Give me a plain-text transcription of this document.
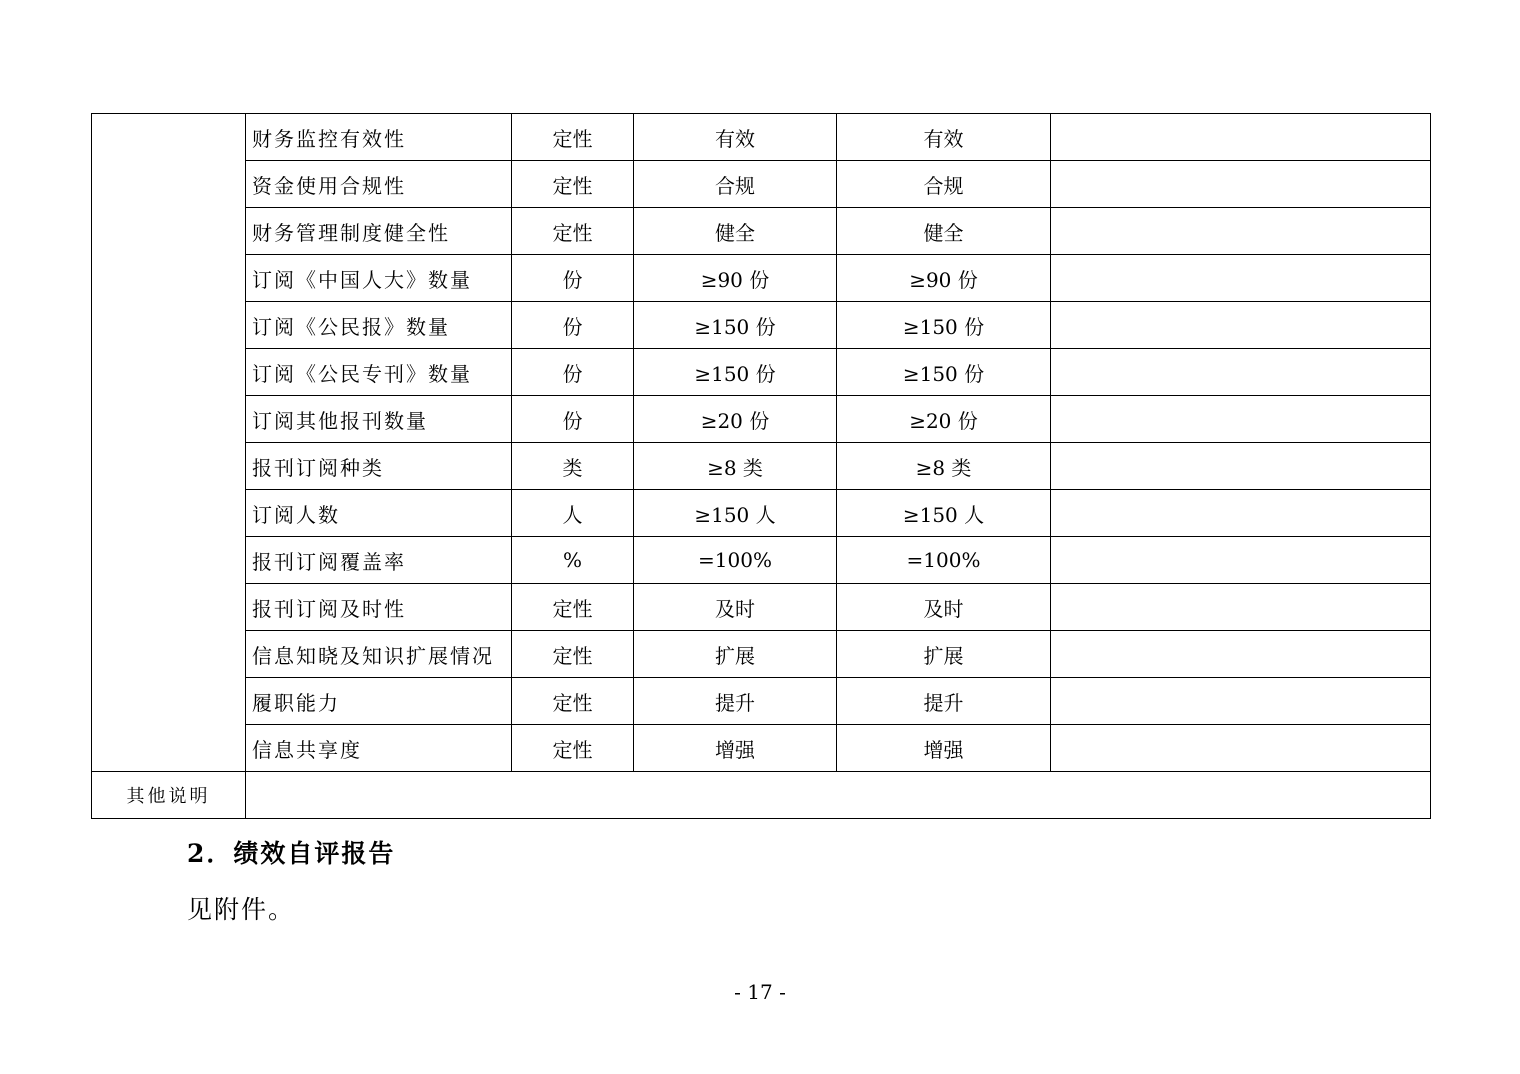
	财务监控有效性	定性	有效	有效	
	资金使用合规性	定性	合规	合规	
	财务管理制度健全性	定性	健全	健全	
	订阅《中国人大》数量	份	≥90 份	≥90 份	
	订阅《公民报》数量	份	≥150 份	≥150 份	
	订阅《公民专刊》数量	份	≥150 份	≥150 份	
	订阅其他报刊数量	份	≥20 份	≥20 份	
	报刊订阅种类	类	≥8 类	≥8 类	
	订阅人数	人	≥150 人	≥150 人	
	报刊订阅覆盖率	%	=100%	=100%	
	报刊订阅及时性	定性	及时	及时	
	信息知晓及知识扩展情况	定性	扩展	扩展	
	履职能力	定性	提升	提升	
	信息共享度	定性	增强	增强	
其他说明					
2．绩效自评报告

见附件。

- 17 -
